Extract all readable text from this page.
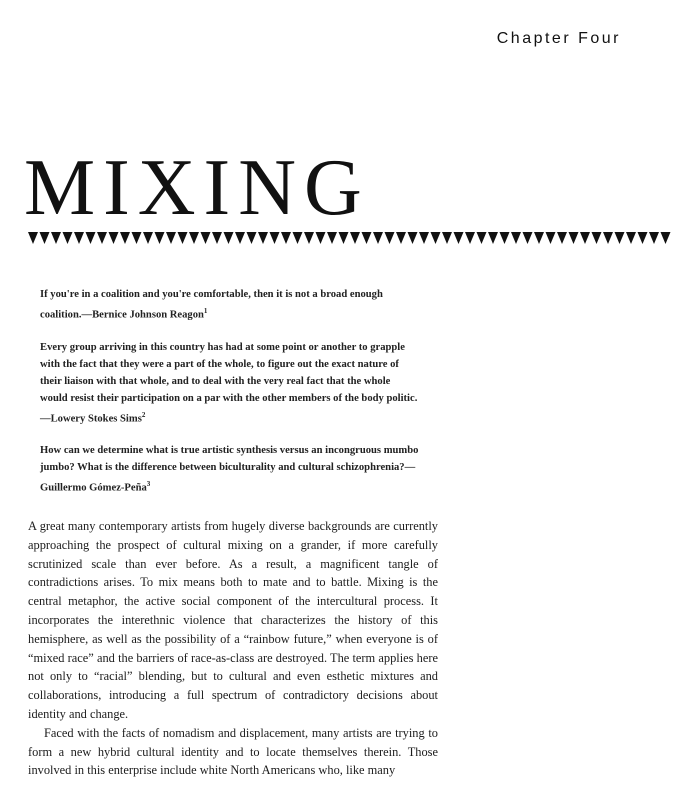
Chapter Four
MIXING

If you're in a coalition and you're comfortable, then it is not a broad enough coalition.—Bernice Johnson Reagon$^1$

Every group arriving in this country has had at some point or another to grapple with the fact that they were a part of the whole, to figure out the exact nature of their liaison with that whole, and to deal with the very real fact that the whole would resist their participation on a par with the other members of the body politic.—Lowery Stokes Sims$^2$

How can we determine what is true artistic synthesis versus an incongruous mumbo jumbo? What is the difference between biculturality and cultural schizophrenia?—Guillermo Gómez-Peña$^3$

A great many contemporary artists from hugely diverse backgrounds are currently approaching the prospect of cultural mixing on a grander, if more carefully scrutinized scale than ever before. As a result, a magnificent tangle of contradictions arises. To mix means both to mate and to battle. Mixing is the central metaphor, the active social component of the intercultural process. It incorporates the interethnic violence that characterizes the history of this hemisphere, as well as the possibility of a “rainbow future,” when everyone is of “mixed race” and the barriers of race-as-class are destroyed. The term applies here not only to “racial” blending, but to cultural and even esthetic mixtures and collaborations, introducing a full spectrum of contradictory decisions about identity and change.

Faced with the facts of nomadism and displacement, many artists are trying to form a new hybrid cultural identity and to locate themselves therein. Those involved in this enterprise include white North Americans who, like many
